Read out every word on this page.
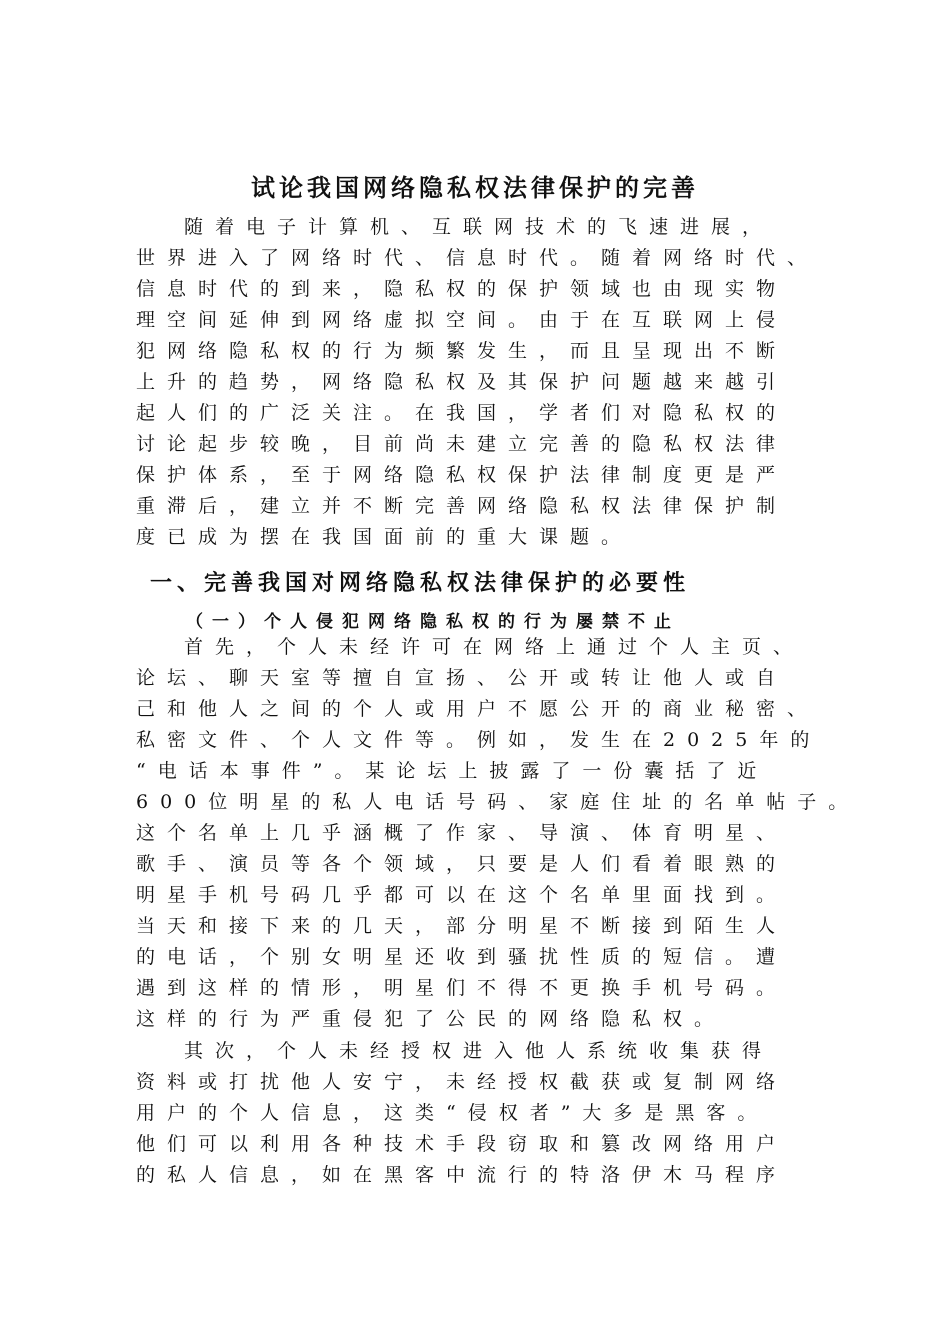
试论我国网络隐私权法律保护的完善
随着电子计算机、互联网技术的飞速进展，
世界进入了网络时代、信息时代。随着网络时代、
信息时代的到来，隐私权的保护领域也由现实物
理空间延伸到网络虚拟空间。由于在互联网上侵
犯网络隐私权的行为频繁发生，而且呈现出不断
上升的趋势，网络隐私权及其保护问题越来越引
起人们的广泛关注。在我国，学者们对隐私权的
讨论起步较晚，目前尚未建立完善的隐私权法律
保护体系，至于网络隐私权保护法律制度更是严
重滞后，建立并不断完善网络隐私权法律保护制
度已成为摆在我国面前的重大课题。
一、完善我国对网络隐私权法律保护的必要性
（一）个人侵犯网络隐私权的行为屡禁不止
首先，个人未经许可在网络上通过个人主页、
论坛、聊天室等擅自宣扬、公开或转让他人或自
己和他人之间的个人或用户不愿公开的商业秘密、
私密文件、个人文件等。例如，发生在2025年的
“电话本事件”。某论坛上披露了一份囊括了近
600位明星的私人电话号码、家庭住址的名单帖子。
这个名单上几乎涵概了作家、导演、体育明星、
歌手、演员等各个领域，只要是人们看着眼熟的
明星手机号码几乎都可以在这个名单里面找到。
当天和接下来的几天，部分明星不断接到陌生人
的电话，个别女明星还收到骚扰性质的短信。遭
遇到这样的情形，明星们不得不更换手机号码。
这样的行为严重侵犯了公民的网络隐私权。
其次，个人未经授权进入他人系统收集获得
资料或打扰他人安宁，未经授权截获或复制网络
用户的个人信息，这类“侵权者”大多是黑客。
他们可以利用各种技术手段窃取和篡改网络用户
的私人信息，如在黑客中流行的特洛伊木马程序
